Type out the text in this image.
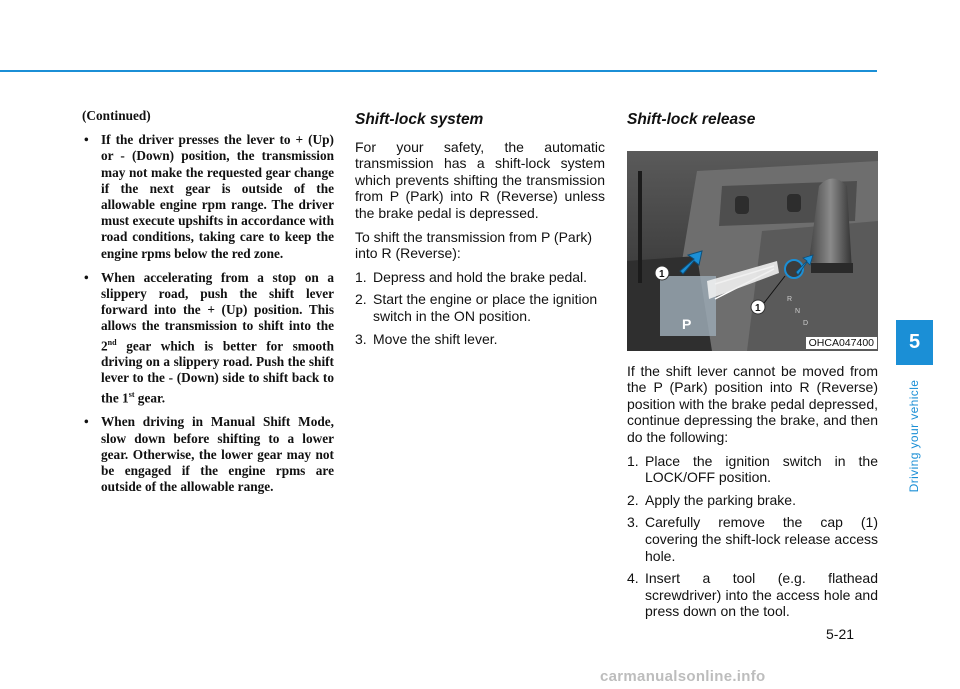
(Continued)
• If the driver presses the lever to + (Up) or - (Down) position, the transmission may not make the requested gear change if the next gear is outside of the allowable engine rpm range. The driver must execute upshifts in accordance with road conditions, taking care to keep the engine rpms below the red zone.
• When accelerating from a stop on a slippery road, push the shift lever forward into the + (Up) position. This allows the transmission to shift into the 2nd gear which is better for smooth driving on a slippery road. Push the shift lever to the - (Down) side to shift back to the 1st gear.
• When driving in Manual Shift Mode, slow down before shifting to a lower gear. Otherwise, the lower gear may not be engaged if the engine rpms are outside of the allowable range.
Shift-lock system

For your safety, the automatic transmission has a shift-lock system which prevents shifting the transmission from P (Park) into R (Reverse) unless the brake pedal is depressed.

To shift the transmission from P (Park) into R (Reverse):

1. Depress and hold the brake pedal.
2. Start the engine or place the ignition switch in the ON position.
3. Move the shift lever.
Shift-lock release
R
N
D
P
1
1
OHCA047400

If the shift lever cannot be moved from the P (Park) position into R (Reverse) position with the brake pedal depressed, continue depressing the brake, and then do the following:

1. Place the ignition switch in the LOCK/OFF position.
2. Apply the parking brake.
3. Carefully remove the cap (1) covering the shift-lock release access hole.
4. Insert a tool (e.g. flathead screwdriver) into the access hole and press down on the tool.
5
Driving your vehicle
5-21
carmanualsonline.info
